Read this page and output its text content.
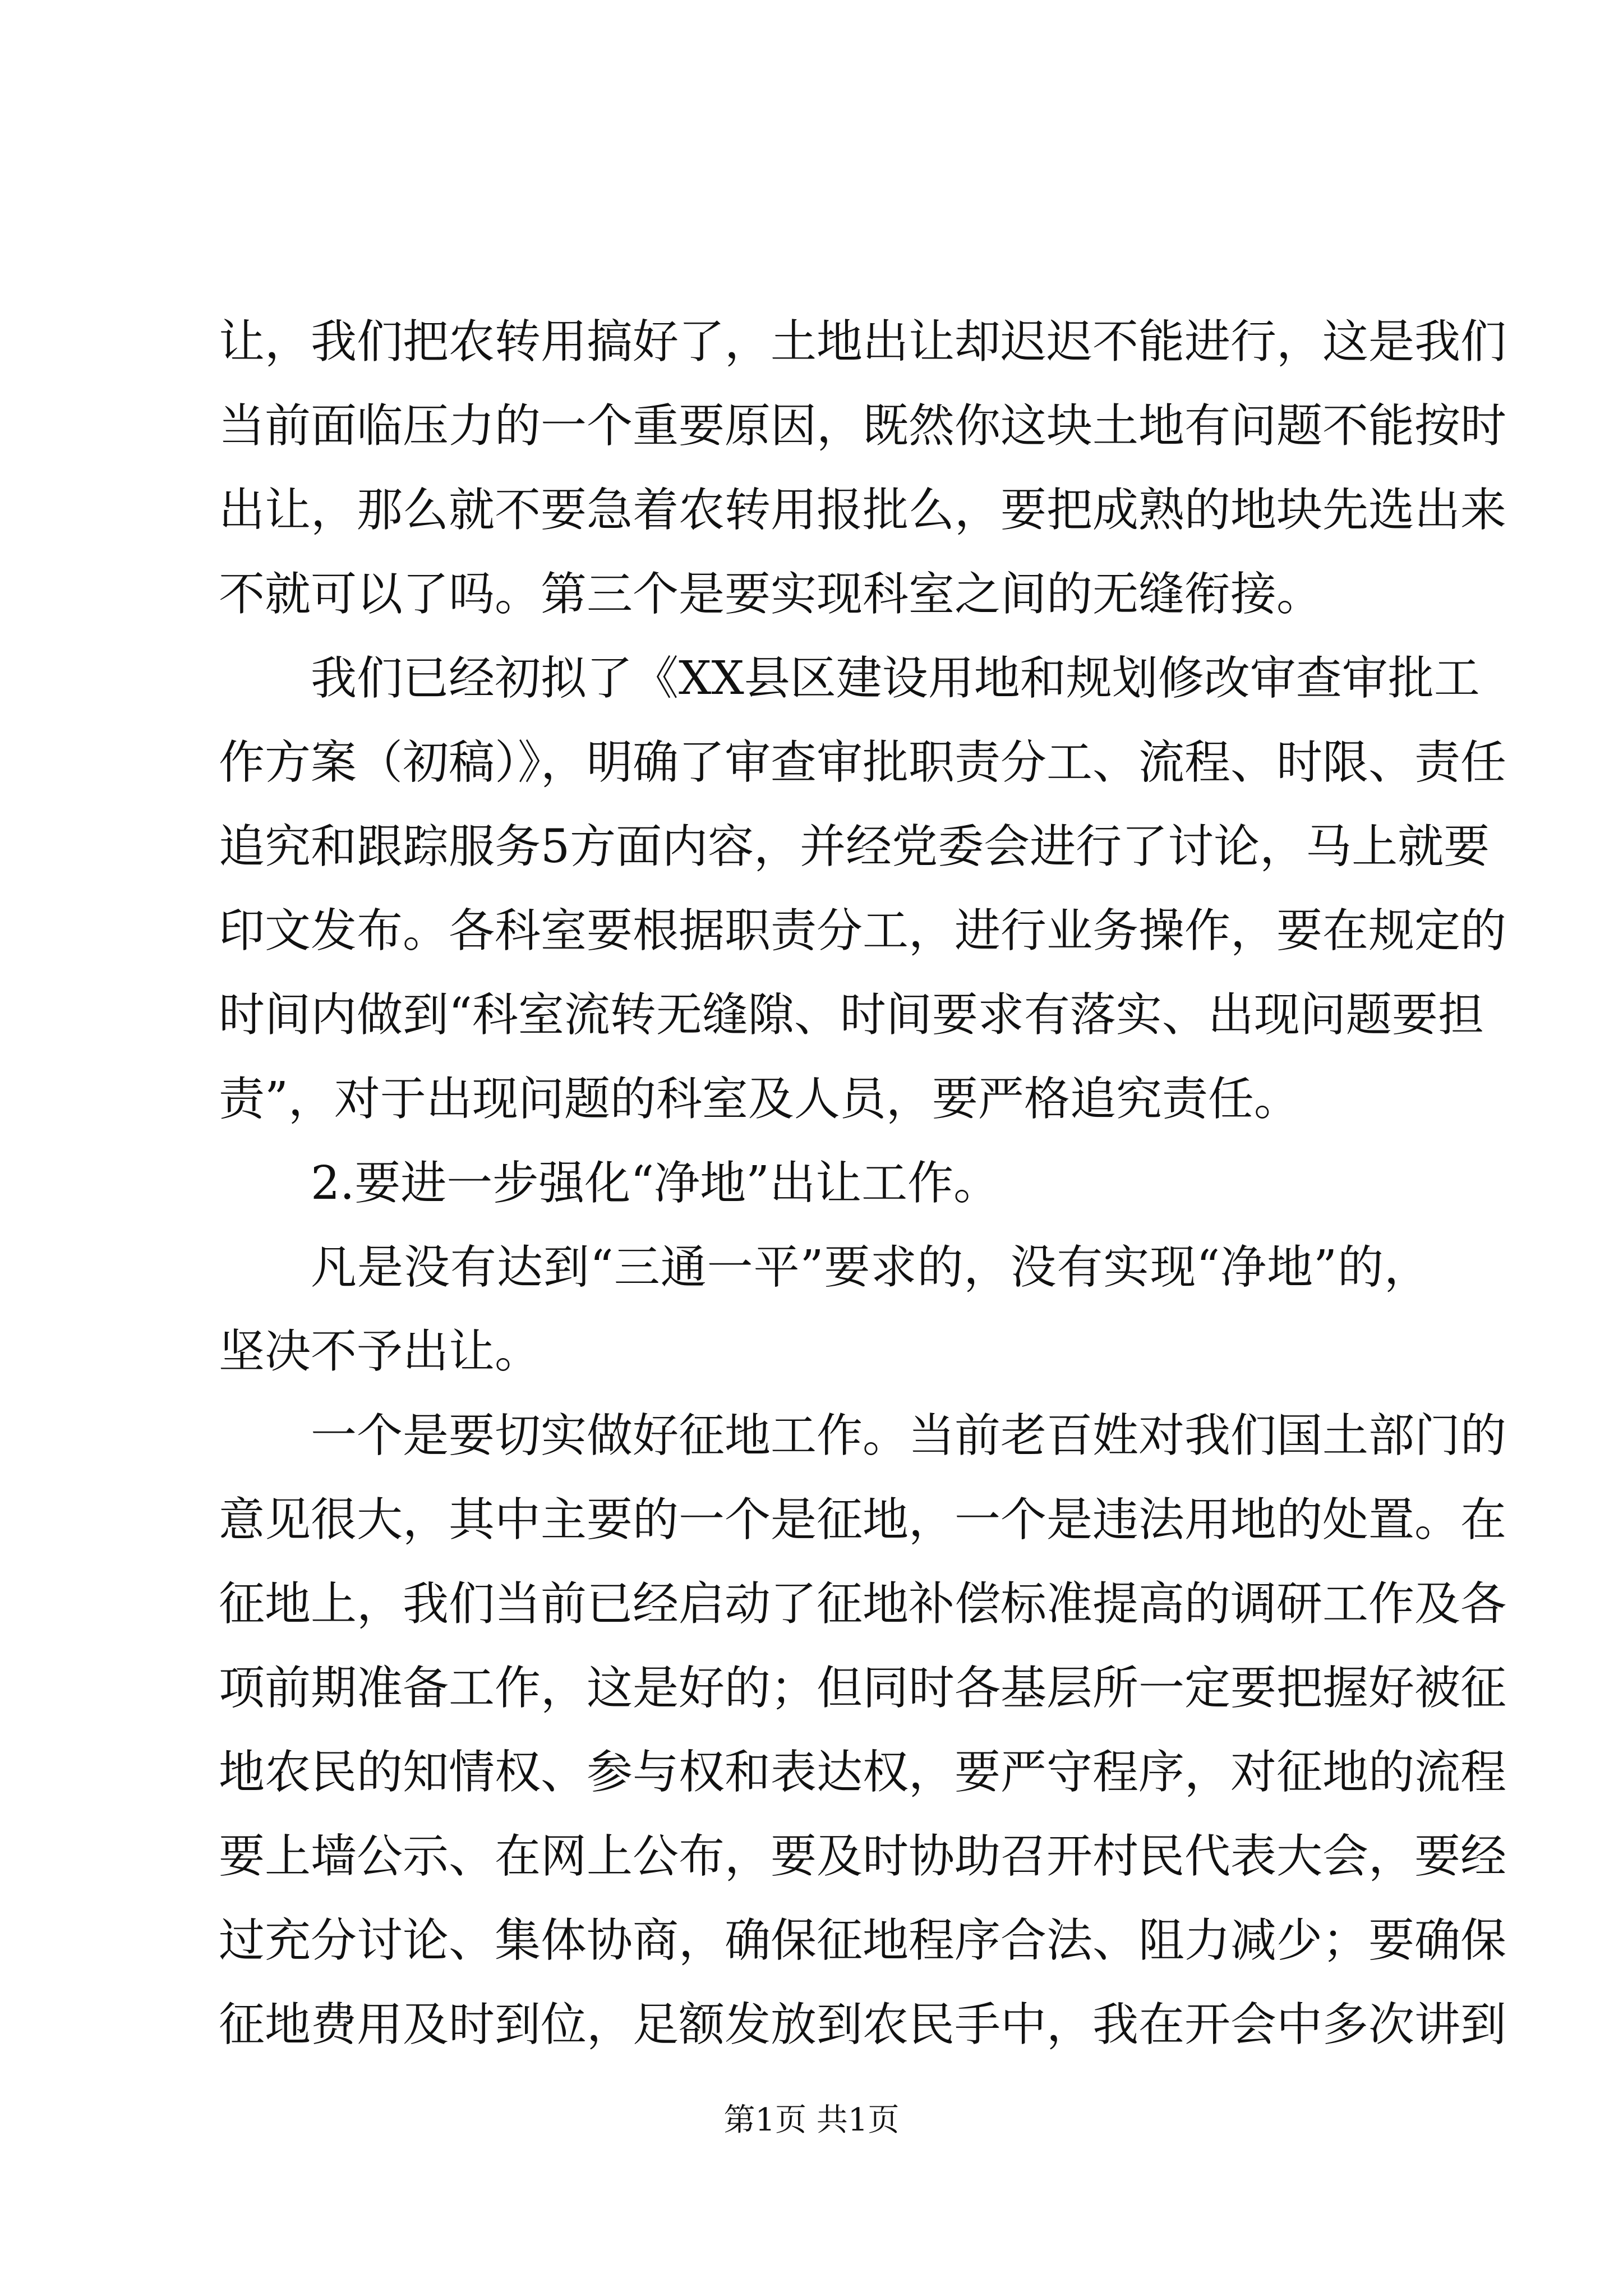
让，我们把农转用搞好了，土地出让却迟迟不能进行，这是我们
当前面临压力的一个重要原因，既然你这块土地有问题不能按时
出让，那么就不要急着农转用报批么，要把成熟的地块先选出来
不就可以了吗。第三个是要实现科室之间的无缝衔接。
我们已经初拟了《XX县区建设用地和规划修改审查审批工
作方案（初稿）》，明确了审查审批职责分工、流程、时限、责任
追究和跟踪服务5方面内容，并经党委会进行了讨论，马上就要
印文发布。各科室要根据职责分工，进行业务操作，要在规定的
时间内做到“科室流转无缝隙、时间要求有落实、出现问题要担
责”，对于出现问题的科室及人员，要严格追究责任。
2.要进一步强化“净地”出让工作。
凡是没有达到“三通一平”要求的，没有实现“净地”的，
坚决不予出让。
一个是要切实做好征地工作。当前老百姓对我们国土部门的
意见很大，其中主要的一个是征地，一个是违法用地的处置。在
征地上，我们当前已经启动了征地补偿标准提高的调研工作及各
项前期准备工作，这是好的；但同时各基层所一定要把握好被征
地农民的知情权、参与权和表达权，要严守程序，对征地的流程
要上墙公示、在网上公布，要及时协助召开村民代表大会，要经
过充分讨论、集体协商，确保征地程序合法、阻力减少；要确保
征地费用及时到位，足额发放到农民手中，我在开会中多次讲到
第1页 共1页
